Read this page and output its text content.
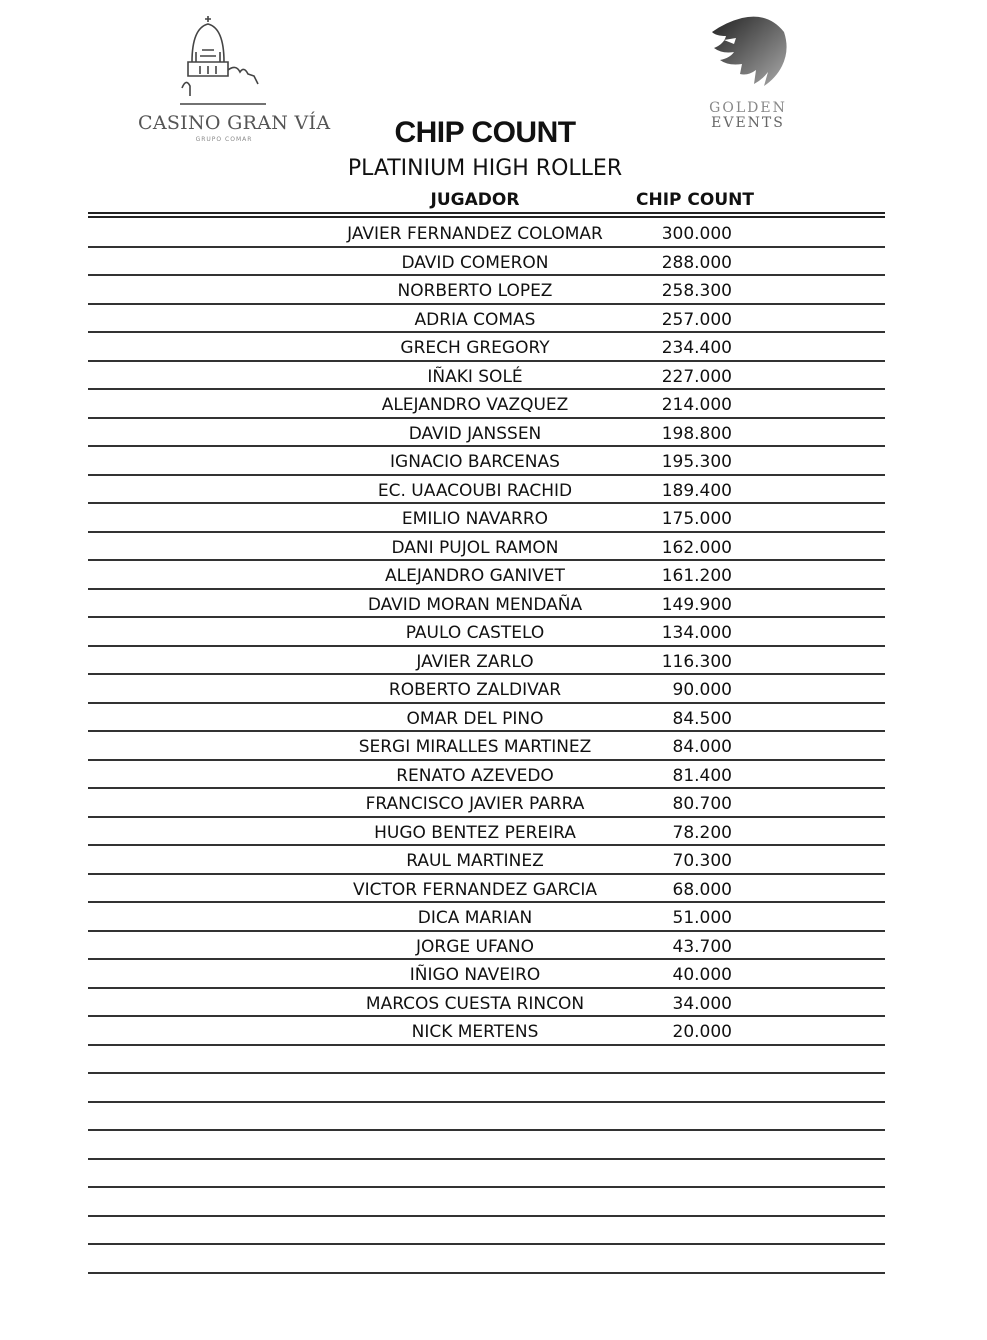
CASINO GRAN VÍA
GRUPO COMAR
GOLDEN
EVENTS
CHIP COUNT
PLATINIUM HIGH ROLLER
JUGADOR	CHIP COUNT
JAVIER FERNANDEZ COLOMAR	300.000
DAVID COMERON	288.000
NORBERTO LOPEZ	258.300
ADRIA COMAS	257.000
GRECH GREGORY	234.400
IÑAKI SOLÉ	227.000
ALEJANDRO VAZQUEZ	214.000
DAVID JANSSEN	198.800
IGNACIO BARCENAS	195.300
EC. UAACOUBI RACHID	189.400
EMILIO NAVARRO	175.000
DANI PUJOL RAMON	162.000
ALEJANDRO GANIVET	161.200
DAVID MORAN MENDAÑA	149.900
PAULO CASTELO	134.000
JAVIER ZARLO	116.300
ROBERTO ZALDIVAR	90.000
OMAR DEL PINO	84.500
SERGI MIRALLES MARTINEZ	84.000
RENATO AZEVEDO	81.400
FRANCISCO JAVIER PARRA	80.700
HUGO BENTEZ PEREIRA	78.200
RAUL MARTINEZ	70.300
VICTOR FERNANDEZ GARCIA	68.000
DICA MARIAN	51.000
JORGE UFANO	43.700
IÑIGO NAVEIRO	40.000
MARCOS CUESTA RINCON	34.000
NICK MERTENS	20.000
